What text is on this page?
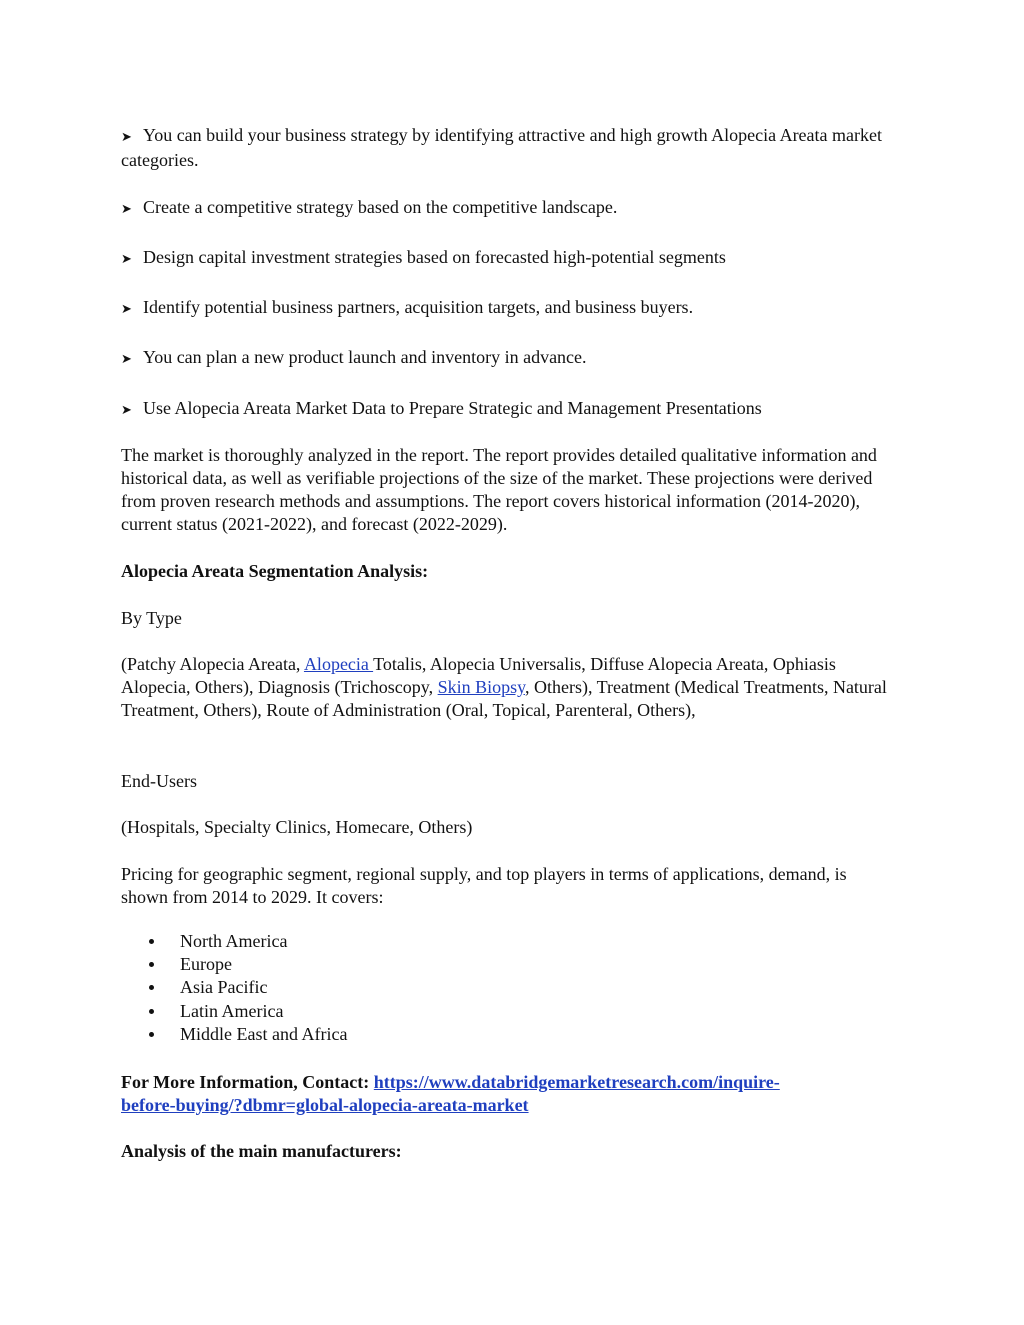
➤ You can build your business strategy by identifying attractive and high growth Alopecia Areata market categories.

➤ Create a competitive strategy based on the competitive landscape.

➤ Design capital investment strategies based on forecasted high-potential segments

➤ Identify potential business partners, acquisition targets, and business buyers.

➤ You can plan a new product launch and inventory in advance.

➤ Use Alopecia Areata Market Data to Prepare Strategic and Management Presentations

The market is thoroughly analyzed in the report. The report provides detailed qualitative information and historical data, as well as verifiable projections of the size of the market. These projections were derived from proven research methods and assumptions. The report covers historical information (2014-2020), current status (2021-2022), and forecast (2022-2029).

Alopecia Areata Segmentation Analysis:

By Type

(Patchy Alopecia Areata, Alopecia Totalis, Alopecia Universalis, Diffuse Alopecia Areata, Ophiasis Alopecia, Others), Diagnosis (Trichoscopy, Skin Biopsy, Others), Treatment (Medical Treatments, Natural Treatment, Others), Route of Administration (Oral, Topical, Parenteral, Others),

End-Users

(Hospitals, Specialty Clinics, Homecare, Others)

Pricing for geographic segment, regional supply, and top players in terms of applications, demand, is shown from 2014 to 2029. It covers:

North America
Europe
Asia Pacific
Latin America
Middle East and Africa

For More Information, Contact: https://www.databridgemarketresearch.com/inquire-
before-buying/?dbmr=global-alopecia-areata-market

Analysis of the main manufacturers:
